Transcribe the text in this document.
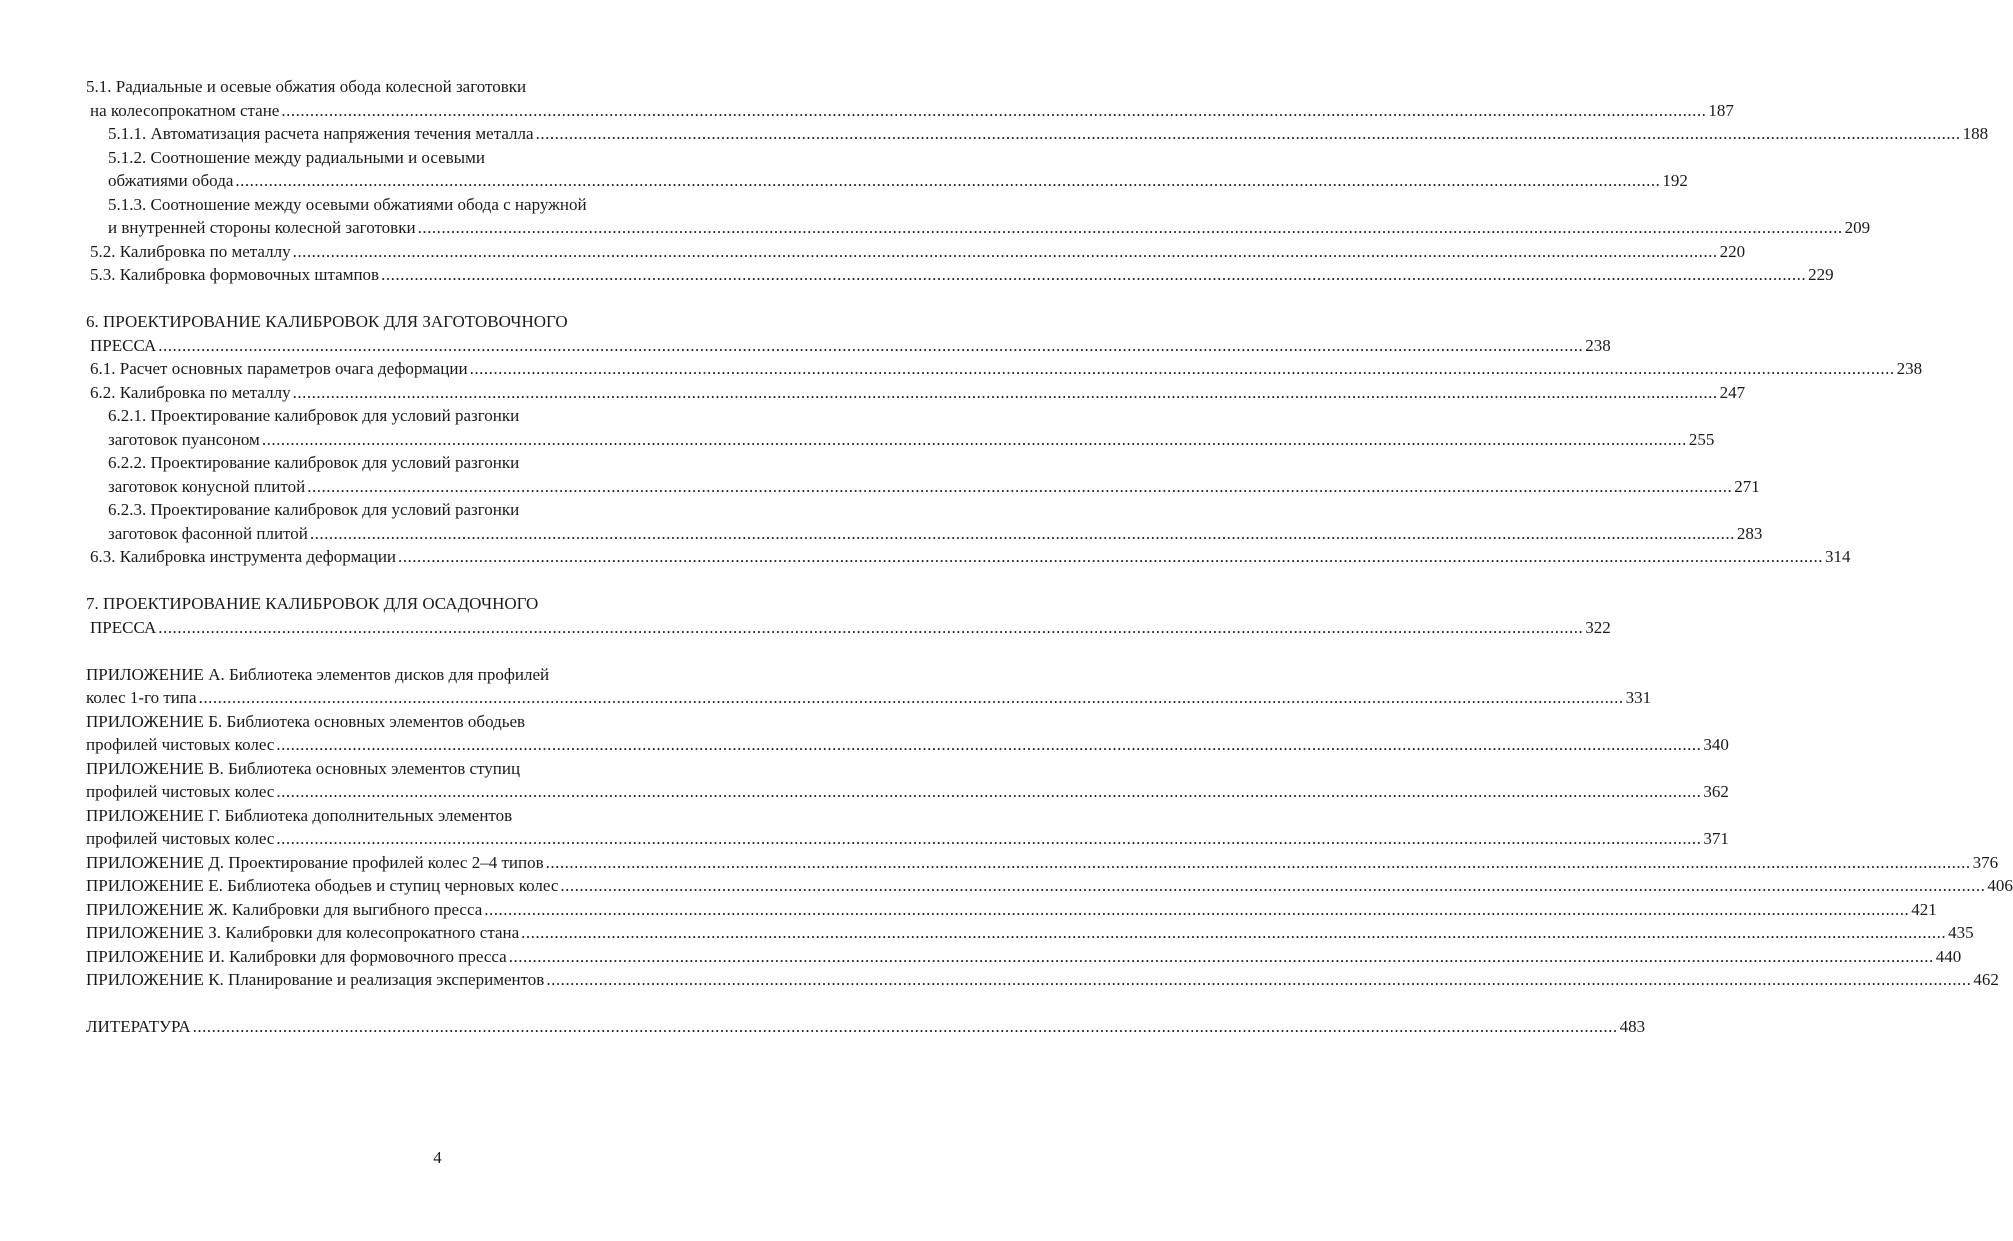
5.1. Радиальные и осевые обжатия обода колесной заготовки
на колесопрокатном стане ............................................................................................................................................................................................................................................................................................................ 187
5.1.1. Автоматизация расчета напряжения течения металла ............................................................................................................................................................................................................................................................................................................ 188
5.1.2. Соотношение между радиальными и осевыми
обжатиями обода ............................................................................................................................................................................................................................................................................................................ 192
5.1.3. Соотношение между осевыми обжатиями обода с наружной
и внутренней стороны колесной заготовки ............................................................................................................................................................................................................................................................................................................ 209
5.2. Калибровка по металлу ............................................................................................................................................................................................................................................................................................................ 220
5.3. Калибровка формовочных штампов ............................................................................................................................................................................................................................................................................................................ 229
6. ПРОЕКТИРОВАНИЕ КАЛИБРОВОК ДЛЯ ЗАГОТОВОЧНОГО
ПРЕССА ............................................................................................................................................................................................................................................................................................................ 238
6.1. Расчет основных параметров очага деформации ............................................................................................................................................................................................................................................................................................................ 238
6.2. Калибровка по металлу ............................................................................................................................................................................................................................................................................................................ 247
6.2.1. Проектирование калибровок для условий разгонки
заготовок пуансоном ............................................................................................................................................................................................................................................................................................................ 255
6.2.2. Проектирование калибровок для условий разгонки
заготовок конусной плитой ............................................................................................................................................................................................................................................................................................................ 271
6.2.3. Проектирование калибровок для условий разгонки
заготовок фасонной плитой ............................................................................................................................................................................................................................................................................................................ 283
6.3. Калибровка инструмента деформации ............................................................................................................................................................................................................................................................................................................ 314
7. ПРОЕКТИРОВАНИЕ КАЛИБРОВОК ДЛЯ ОСАДОЧНОГО
ПРЕССА ............................................................................................................................................................................................................................................................................................................ 322
ПРИЛОЖЕНИЕ А. Библиотека элементов дисков для профилей
колес 1-го типа ............................................................................................................................................................................................................................................................................................................ 331
ПРИЛОЖЕНИЕ Б. Библиотека основных элементов ободьев
профилей чистовых колес ............................................................................................................................................................................................................................................................................................................ 340
ПРИЛОЖЕНИЕ В. Библиотека основных элементов ступиц
профилей чистовых колес ............................................................................................................................................................................................................................................................................................................ 362
ПРИЛОЖЕНИЕ Г. Библиотека дополнительных элементов
профилей чистовых колес ............................................................................................................................................................................................................................................................................................................ 371
ПРИЛОЖЕНИЕ Д. Проектирование профилей колес 2–4 типов ............................................................................................................................................................................................................................................................................................................ 376
ПРИЛОЖЕНИЕ Е. Библиотека ободьев и ступиц черновых колес ............................................................................................................................................................................................................................................................................................................ 406
ПРИЛОЖЕНИЕ Ж. Калибровки для выгибного пресса ............................................................................................................................................................................................................................................................................................................ 421
ПРИЛОЖЕНИЕ З. Калибровки для колесопрокатного стана ............................................................................................................................................................................................................................................................................................................ 435
ПРИЛОЖЕНИЕ И. Калибровки для формовочного пресса ............................................................................................................................................................................................................................................................................................................ 440
ПРИЛОЖЕНИЕ К. Планирование и реализация экспериментов ............................................................................................................................................................................................................................................................................................................ 462
ЛИТЕРАТУРА ............................................................................................................................................................................................................................................................................................................ 483
4
